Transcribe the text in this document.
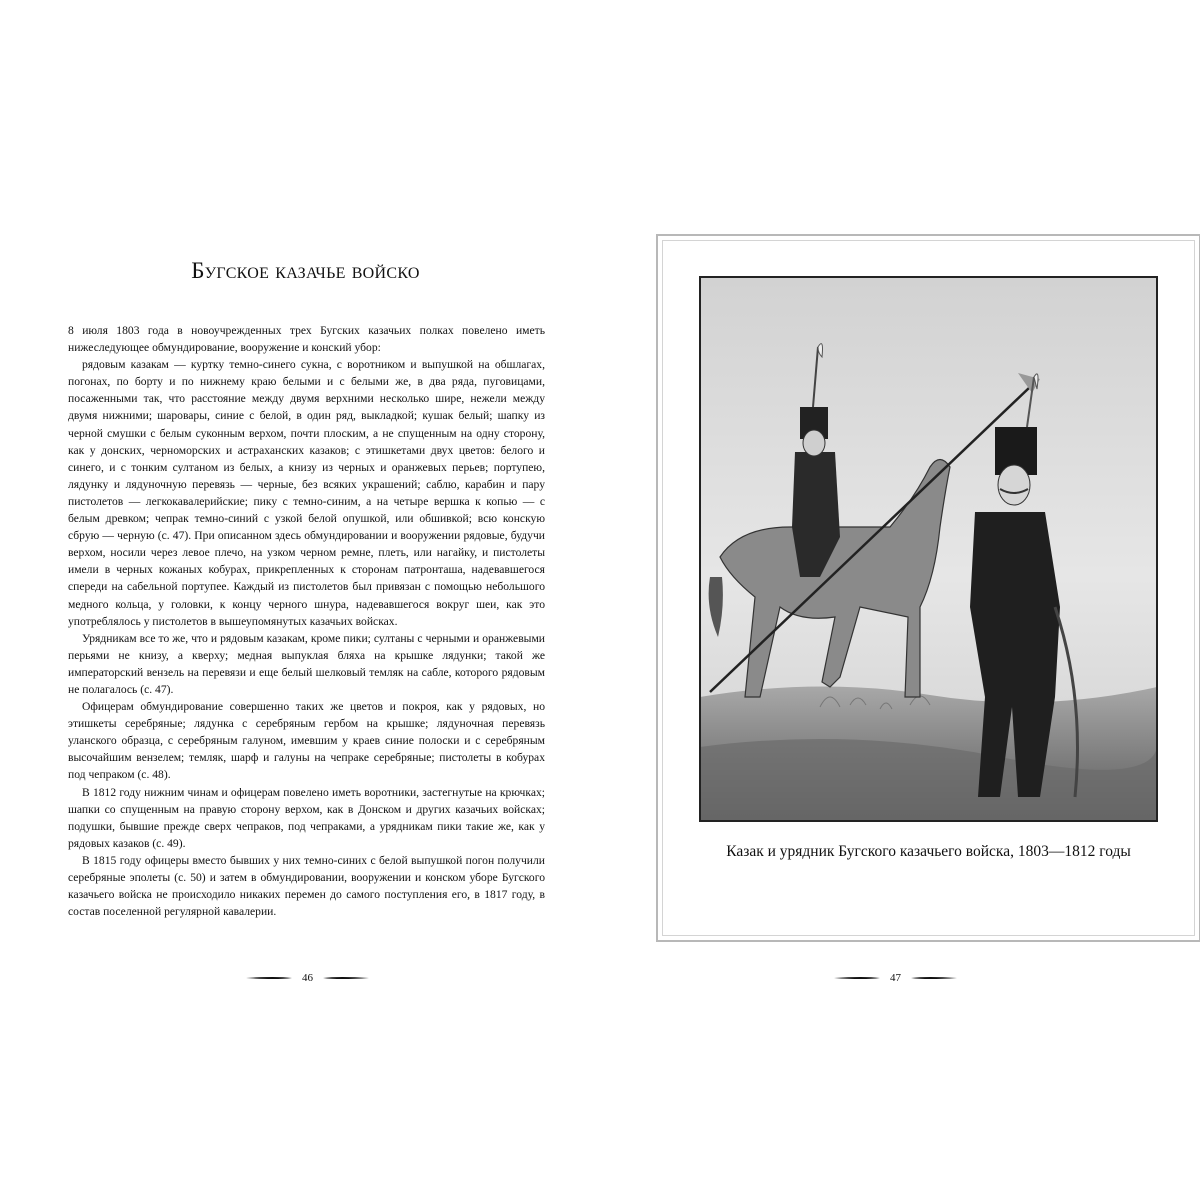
Бугское казачье войско

8 июля 1803 года в новоучрежденных трех Бугских казачьих полках повелено иметь нижеследующее обмундирование, вооружение и конский убор:

рядовым казакам — куртку темно-синего сукна, с воротником и выпушкой на обшлагах, погонах, по борту и по нижнему краю белыми и с белыми же, в два ряда, пуговицами, посаженными так, что расстояние между двумя верхними несколько шире, нежели между двумя нижними; шаровары, синие с белой, в один ряд, выкладкой; кушак белый; шапку из черной смушки с белым суконным верхом, почти плоским, а не спущенным на одну сторону, как у донских, черноморских и астраханских казаков; с этишкетами двух цветов: белого и синего, и с тонким султаном из белых, а книзу из черных и оранжевых перьев; портупею, лядунку и лядуночную перевязь — черные, без всяких украшений; саблю, карабин и пару пистолетов — легкокавалерийские; пику с темно-синим, а на четыре вершка к копью — с белым древком; чепрак темно-синий с узкой белой опушкой, или обшивкой; всю конскую сбрую — черную (с. 47). При описанном здесь обмундировании и вооружении рядовые, будучи верхом, носили через левое плечо, на узком черном ремне, плеть, или нагайку, и пистолеты имели в черных кожаных кобурах, прикрепленных к сторонам патронташа, надевавшегося спереди на сабельной портупее. Каждый из пистолетов был привязан с помощью небольшого медного кольца, у головки, к концу черного шнура, надевавшегося вокруг шеи, как это употреблялось у пистолетов в вышеупомянутых казачьих войсках.

Урядникам все то же, что и рядовым казакам, кроме пики; султаны с черными и оранжевыми перьями не книзу, а кверху; медная выпуклая бляха на крышке лядунки; такой же императорский вензель на перевязи и еще белый шелковый темляк на сабле, которого рядовым не полагалось (с. 47).

Офицерам обмундирование совершенно таких же цветов и покроя, как у рядовых, но этишкеты серебряные; лядунка с серебряным гербом на крышке; лядуночная перевязь уланского образца, с серебряным галуном, имевшим у краев синие полоски и с серебряным высочайшим вензелем; темляк, шарф и галуны на чепраке серебряные; пистолеты в кобурах под чепраком (с. 48).

В 1812 году нижним чинам и офицерам повелено иметь воротники, застегнутые на крючках; шапки со спущенным на правую сторону верхом, как в Донском и других казачьих войсках; подушки, бывшие прежде сверх чепраков, под чепраками, а урядникам пики такие же, как у рядовых казаков (с. 49).

В 1815 году офицеры вместо бывших у них темно-синих с белой выпушкой погон получили серебряные эполеты (с. 50) и затем в обмундировании, вооружении и конском уборе Бугского казачьего войска не происходило никаких перемен до самого поступления его, в 1817 году, в состав поселенной регулярной кавалерии.

46
Казак и урядник Бугского казачьего войска, 1803—1812 годы
47
